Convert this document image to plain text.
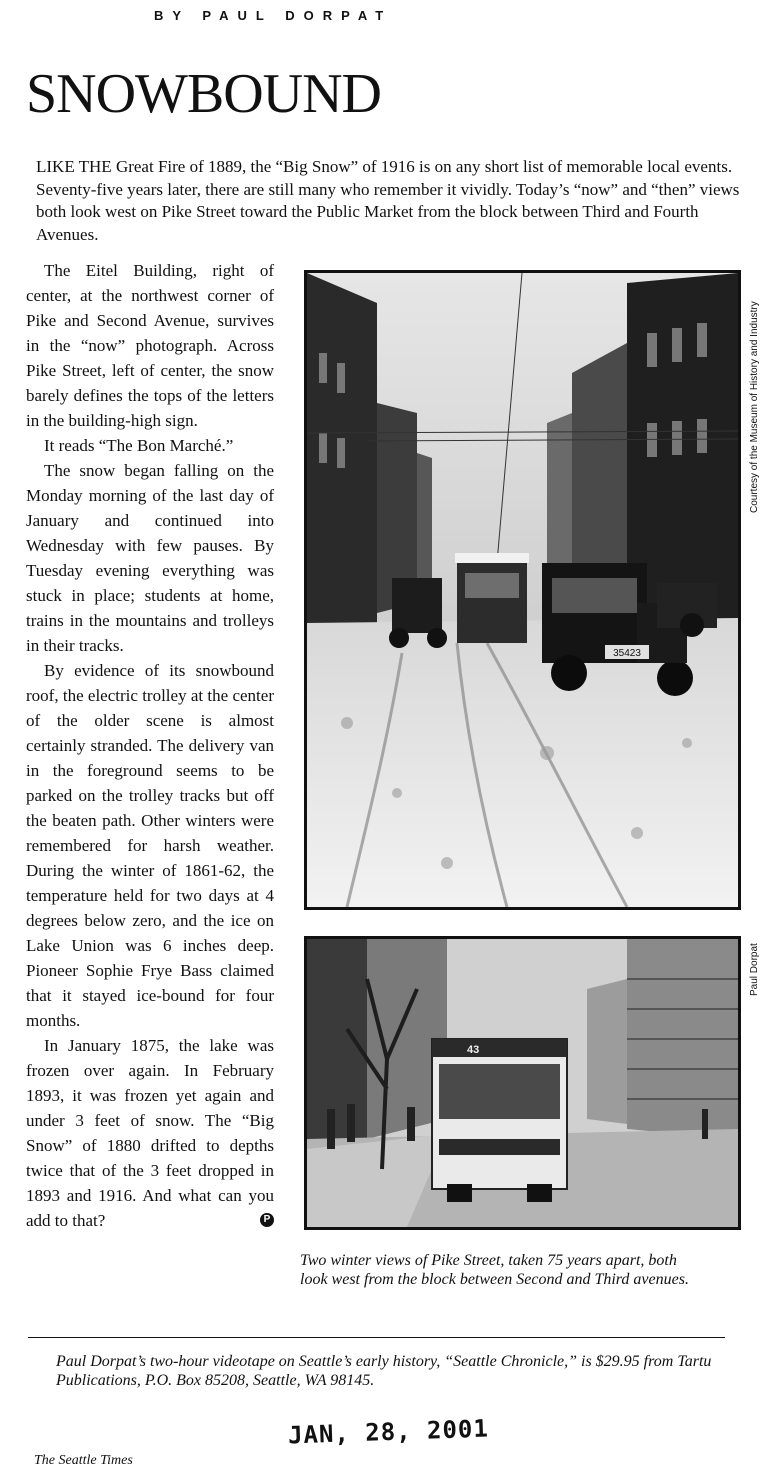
BY PAUL DORPAT
SNOWBOUND

LIKE THE Great Fire of 1889, the “Big Snow” of 1916 is on any short list of memorable local events. Seventy-five years later, there are still many who remember it vividly. Today’s “now” and “then” views both look west on Pike Street toward the Public Market from the block between Third and Fourth Avenues.

The Eitel Building, right of center, at the northwest corner of Pike and Second Avenue, survives in the “now” photograph. Across Pike Street, left of center, the snow barely defines the tops of the letters in the building-high sign.

It reads “The Bon Marché.”

The snow began falling on the Monday morning of the last day of January and continued into Wednesday with few pauses. By Tuesday evening everything was stuck in place; students at home, trains in the mountains and trolleys in their tracks.

By evidence of its snowbound roof, the electric trolley at the center of the older scene is almost certainly stranded. The delivery van in the foreground seems to be parked on the trolley tracks but off the beaten path. Other winters were remembered for harsh weather. During the winter of 1861-62, the temperature held for two days at 4 degrees below zero, and the ice on Lake Union was 6 inches deep. Pioneer Sophie Frye Bass claimed that it stayed ice-bound for four months.

In January 1875, the lake was frozen over again. In February 1893, it was frozen yet again and under 3 feet of snow. The “Big Snow” of 1880 drifted to depths twice that of the 3 feet dropped in 1893 and 1916. And what can you add to that?	P

35423
Courtesy of the Museum of History and Industry
43
Paul Dorpat

Two winter views of Pike Street, taken 75 years apart, both look west from the block between Second and Third avenues.

Paul Dorpat’s two-hour videotape on Seattle’s early history, “Seattle Chronicle,” is $29.95 from Tartu Publications, P.O. Box 85208, Seattle, WA 98145.

JAN, 28, 2001
The Seattle Times
